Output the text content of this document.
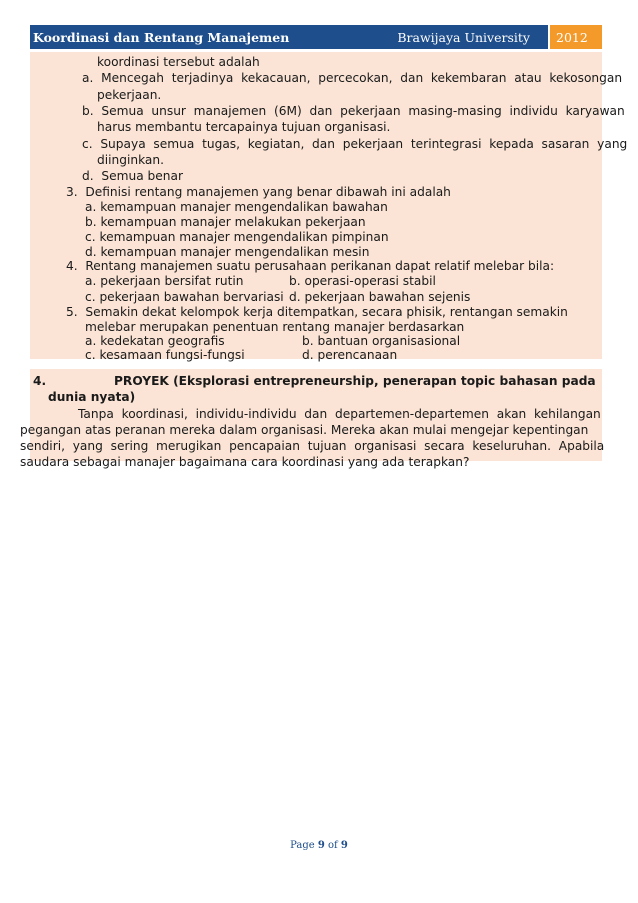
Koordinasi dan Rentang Manajemen	Brawijaya University	2012
koordinasi tersebut adalah
a.  Mencegah  terjadinya  kekacauan,  percecokan,  dan  kekembaran  atau  kekosongan
pekerjaan.
b.  Semua  unsur  manajemen  (6M)  dan  pekerjaan  masing-masing  individu  karyawan
harus membantu tercapainya tujuan organisasi.
c.  Supaya  semua  tugas,  kegiatan,  dan  pekerjaan  terintegrasi  kepada  sasaran  yang
diinginkan.
d.  Semua benar
3.  Definisi rentang manajemen yang benar dibawah ini adalah
a. kemampuan manajer mengendalikan bawahan
b. kemampuan manajer melakukan pekerjaan
c. kemampuan manajer mengendalikan pimpinan
d. kemampuan manajer mengendalikan mesin
4.  Rentang manajemen suatu perusahaan perikanan dapat relatif melebar bila:
a. pekerjaan bersifat rutin	b. operasi-operasi stabil
c. pekerjaan bawahan bervariasi d. pekerjaan bawahan sejenis
5.  Semakin dekat kelompok kerja ditempatkan, secara phisik, rentangan semakin
melebar merupakan penentuan rentang manajer berdasarkan
a. kedekatan geografis	b. bantuan organisasional
c. kesamaan fungsi-fungsi	d. perencanaan
4.	PROYEK (Eksplorasi entrepreneurship, penerapan topic bahasan pada
dunia nyata)
Tanpa  koordinasi,  individu-individu  dan  departemen-departemen  akan  kehilangan
pegangan atas peranan mereka dalam organisasi. Mereka akan mulai mengejar kepentingan
sendiri,  yang  sering  merugikan  pencapaian  tujuan  organisasi  secara  keseluruhan.  Apabila
saudara sebagai manajer bagaimana cara koordinasi yang ada terapkan?
Page 9 of 9
